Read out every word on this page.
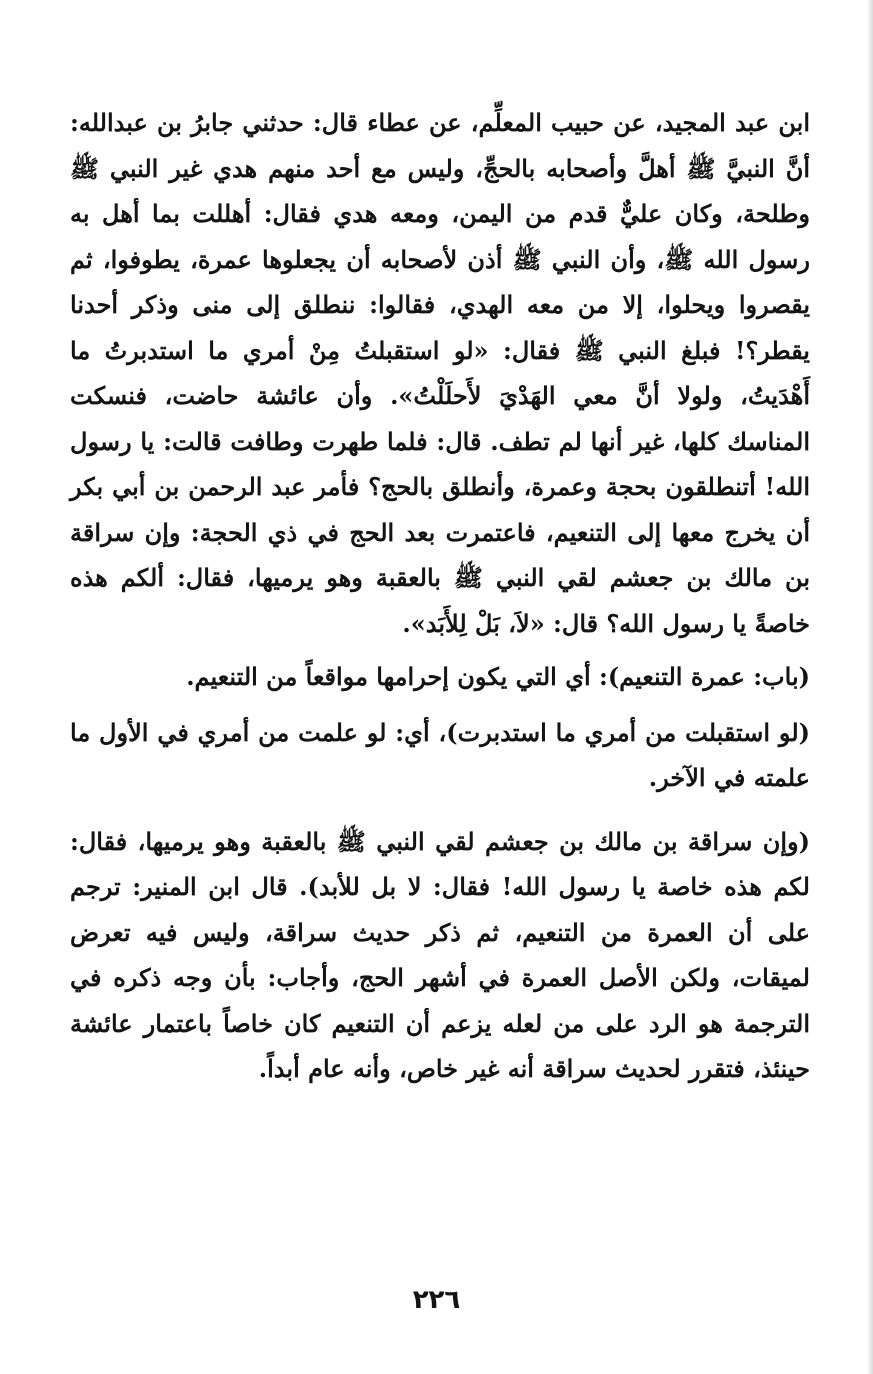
ابن عبد المجيد، عن حبيب المعلِّم، عن عطاء قال: حدثني جابرُ بن عبدالله: أنَّ النبيَّ ﷺ أهلَّ وأصحابه بالحجِّ، وليس مع أحد منهم هدي غير النبي ﷺ وطلحة، وكان عليٌّ قدم من اليمن، ومعه هدي فقال: أهللت بما أهل به رسول الله ﷺ، وأن النبي ﷺ أذن لأصحابه أن يجعلوها عمرة، يطوفوا، ثم يقصروا ويحلوا، إلا من معه الهدي، فقالوا: ننطلق إلى منى وذكر أحدنا يقطر؟! فبلغ النبي ﷺ فقال: «لو استقبلتُ مِنْ أمري ما استدبرتُ ما أَهْدَيتُ، ولولا أنَّ معي الهَدْيَ لأَحلَلْتُ». وأن عائشة حاضت، فنسكت المناسك كلها، غير أنها لم تطف. قال: فلما طهرت وطافت قالت: يا رسول الله! أتنطلقون بحجة وعمرة، وأنطلق بالحج؟ فأمر عبد الرحمن بن أبي بكر أن يخرج معها إلى التنعيم، فاعتمرت بعد الحج في ذي الحجة: وإن سراقة بن مالك بن جعشم لقي النبي ﷺ بالعقبة وهو يرميها، فقال: ألكم هذه خاصةً يا رسول الله؟ قال: «لاَ، بَلْ لِلأَبَد».

(باب: عمرة التنعيم): أي التي يكون إحرامها مواقعاً من التنعيم.

(لو استقبلت من أمري ما استدبرت)، أي: لو علمت من أمري في الأول ما علمته في الآخر.

(وإن سراقة بن مالك بن جعشم لقي النبي ﷺ بالعقبة وهو يرميها، فقال: لكم هذه خاصة يا رسول الله! فقال: لا بل للأبد). قال ابن المنير: ترجم على أن العمرة من التنعيم، ثم ذكر حديث سراقة، وليس فيه تعرض لميقات، ولكن الأصل العمرة في أشهر الحج، وأجاب: بأن وجه ذكره في الترجمة هو الرد على من لعله يزعم أن التنعيم كان خاصاً باعتمار عائشة حينئذ، فتقرر لحديث سراقة أنه غير خاص، وأنه عام أبداً.

٢٢٦
